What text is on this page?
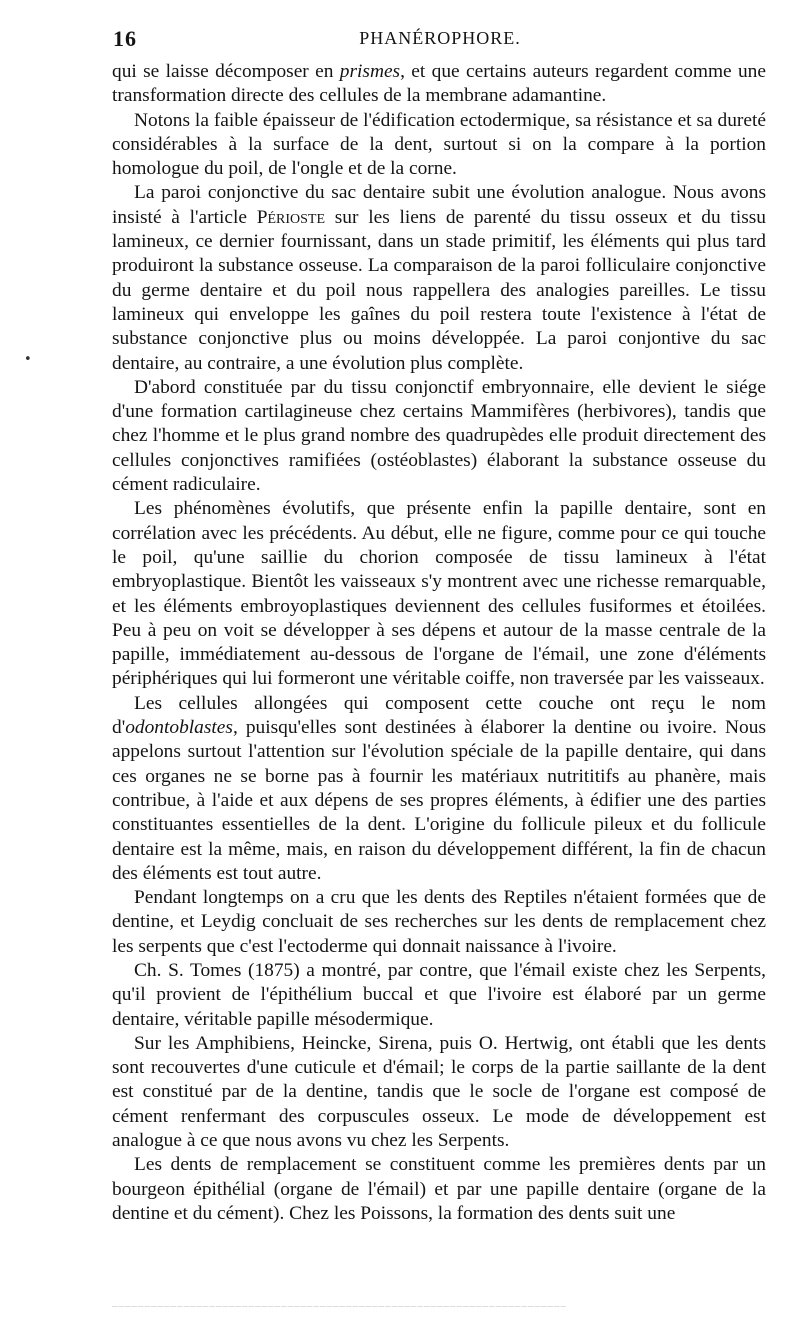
16	PHANÉROPHORE.
•

qui se laisse décomposer en prismes, et que certains auteurs regardent comme une transformation directe des cellules de la membrane adamantine.

Notons la faible épaisseur de l'édification ectodermique, sa résistance et sa dureté considérables à la surface de la dent, surtout si on la compare à la portion homologue du poil, de l'ongle et de la corne.

La paroi conjonctive du sac dentaire subit une évolution analogue. Nous avons insisté à l'article Périoste sur les liens de parenté du tissu osseux et du tissu lamineux, ce dernier fournissant, dans un stade primitif, les éléments qui plus tard produiront la substance osseuse. La comparaison de la paroi folliculaire conjonctive du germe dentaire et du poil nous rappellera des analogies pareilles. Le tissu lamineux qui enveloppe les gaînes du poil restera toute l'existence à l'état de substance conjonctive plus ou moins développée. La paroi conjontive du sac dentaire, au contraire, a une évolution plus complète.

D'abord constituée par du tissu conjonctif embryonnaire, elle devient le siége d'une formation cartilagineuse chez certains Mammifères (herbivores), tandis que chez l'homme et le plus grand nombre des quadrupèdes elle produit directement des cellules conjonctives ramifiées (ostéoblastes) élaborant la substance osseuse du cément radiculaire.

Les phénomènes évolutifs, que présente enfin la papille dentaire, sont en corrélation avec les précédents. Au début, elle ne figure, comme pour ce qui touche le poil, qu'une saillie du chorion composée de tissu lamineux à l'état embryoplastique. Bientôt les vaisseaux s'y montrent avec une richesse remarquable, et les éléments embroyoplastiques deviennent des cellules fusiformes et étoilées. Peu à peu on voit se développer à ses dépens et autour de la masse centrale de la papille, immédiatement au-dessous de l'organe de l'émail, une zone d'éléments périphériques qui lui formeront une véritable coiffe, non traversée par les vaisseaux.

Les cellules allongées qui composent cette couche ont reçu le nom d'odontoblastes, puisqu'elles sont destinées à élaborer la dentine ou ivoire. Nous appelons surtout l'attention sur l'évolution spéciale de la papille dentaire, qui dans ces organes ne se borne pas à fournir les matériaux nutrititifs au phanère, mais contribue, à l'aide et aux dépens de ses propres éléments, à édifier une des parties constituantes essentielles de la dent. L'origine du follicule pileux et du follicule dentaire est la même, mais, en raison du développement différent, la fin de chacun des éléments est tout autre.

Pendant longtemps on a cru que les dents des Reptiles n'étaient formées que de dentine, et Leydig concluait de ses recherches sur les dents de remplacement chez les serpents que c'est l'ectoderme qui donnait naissance à l'ivoire.

Ch. S. Tomes (1875) a montré, par contre, que l'émail existe chez les Serpents, qu'il provient de l'épithélium buccal et que l'ivoire est élaboré par un germe dentaire, véritable papille mésodermique.

Sur les Amphibiens, Heincke, Sirena, puis O. Hertwig, ont établi que les dents sont recouvertes d'une cuticule et d'émail; le corps de la partie saillante de la dent est constitué par de la dentine, tandis que le socle de l'organe est composé de cément renfermant des corpuscules osseux. Le mode de développement est analogue à ce que nous avons vu chez les Serpents.

Les dents de remplacement se constituent comme les premières dents par un bourgeon épithélial (organe de l'émail) et par une papille dentaire (organe de la dentine et du cément). Chez les Poissons, la formation des dents suit une

‒‒‒‒‒‒‒‒‒‒‒‒‒‒‒‒‒‒‒‒‒‒‒‒‒‒‒‒‒‒‒‒‒‒‒‒‒‒‒‒‒‒‒‒‒‒‒‒‒‒‒‒‒‒‒‒‒‒‒‒‒‒‒‒‒‒‒‒‒‒
